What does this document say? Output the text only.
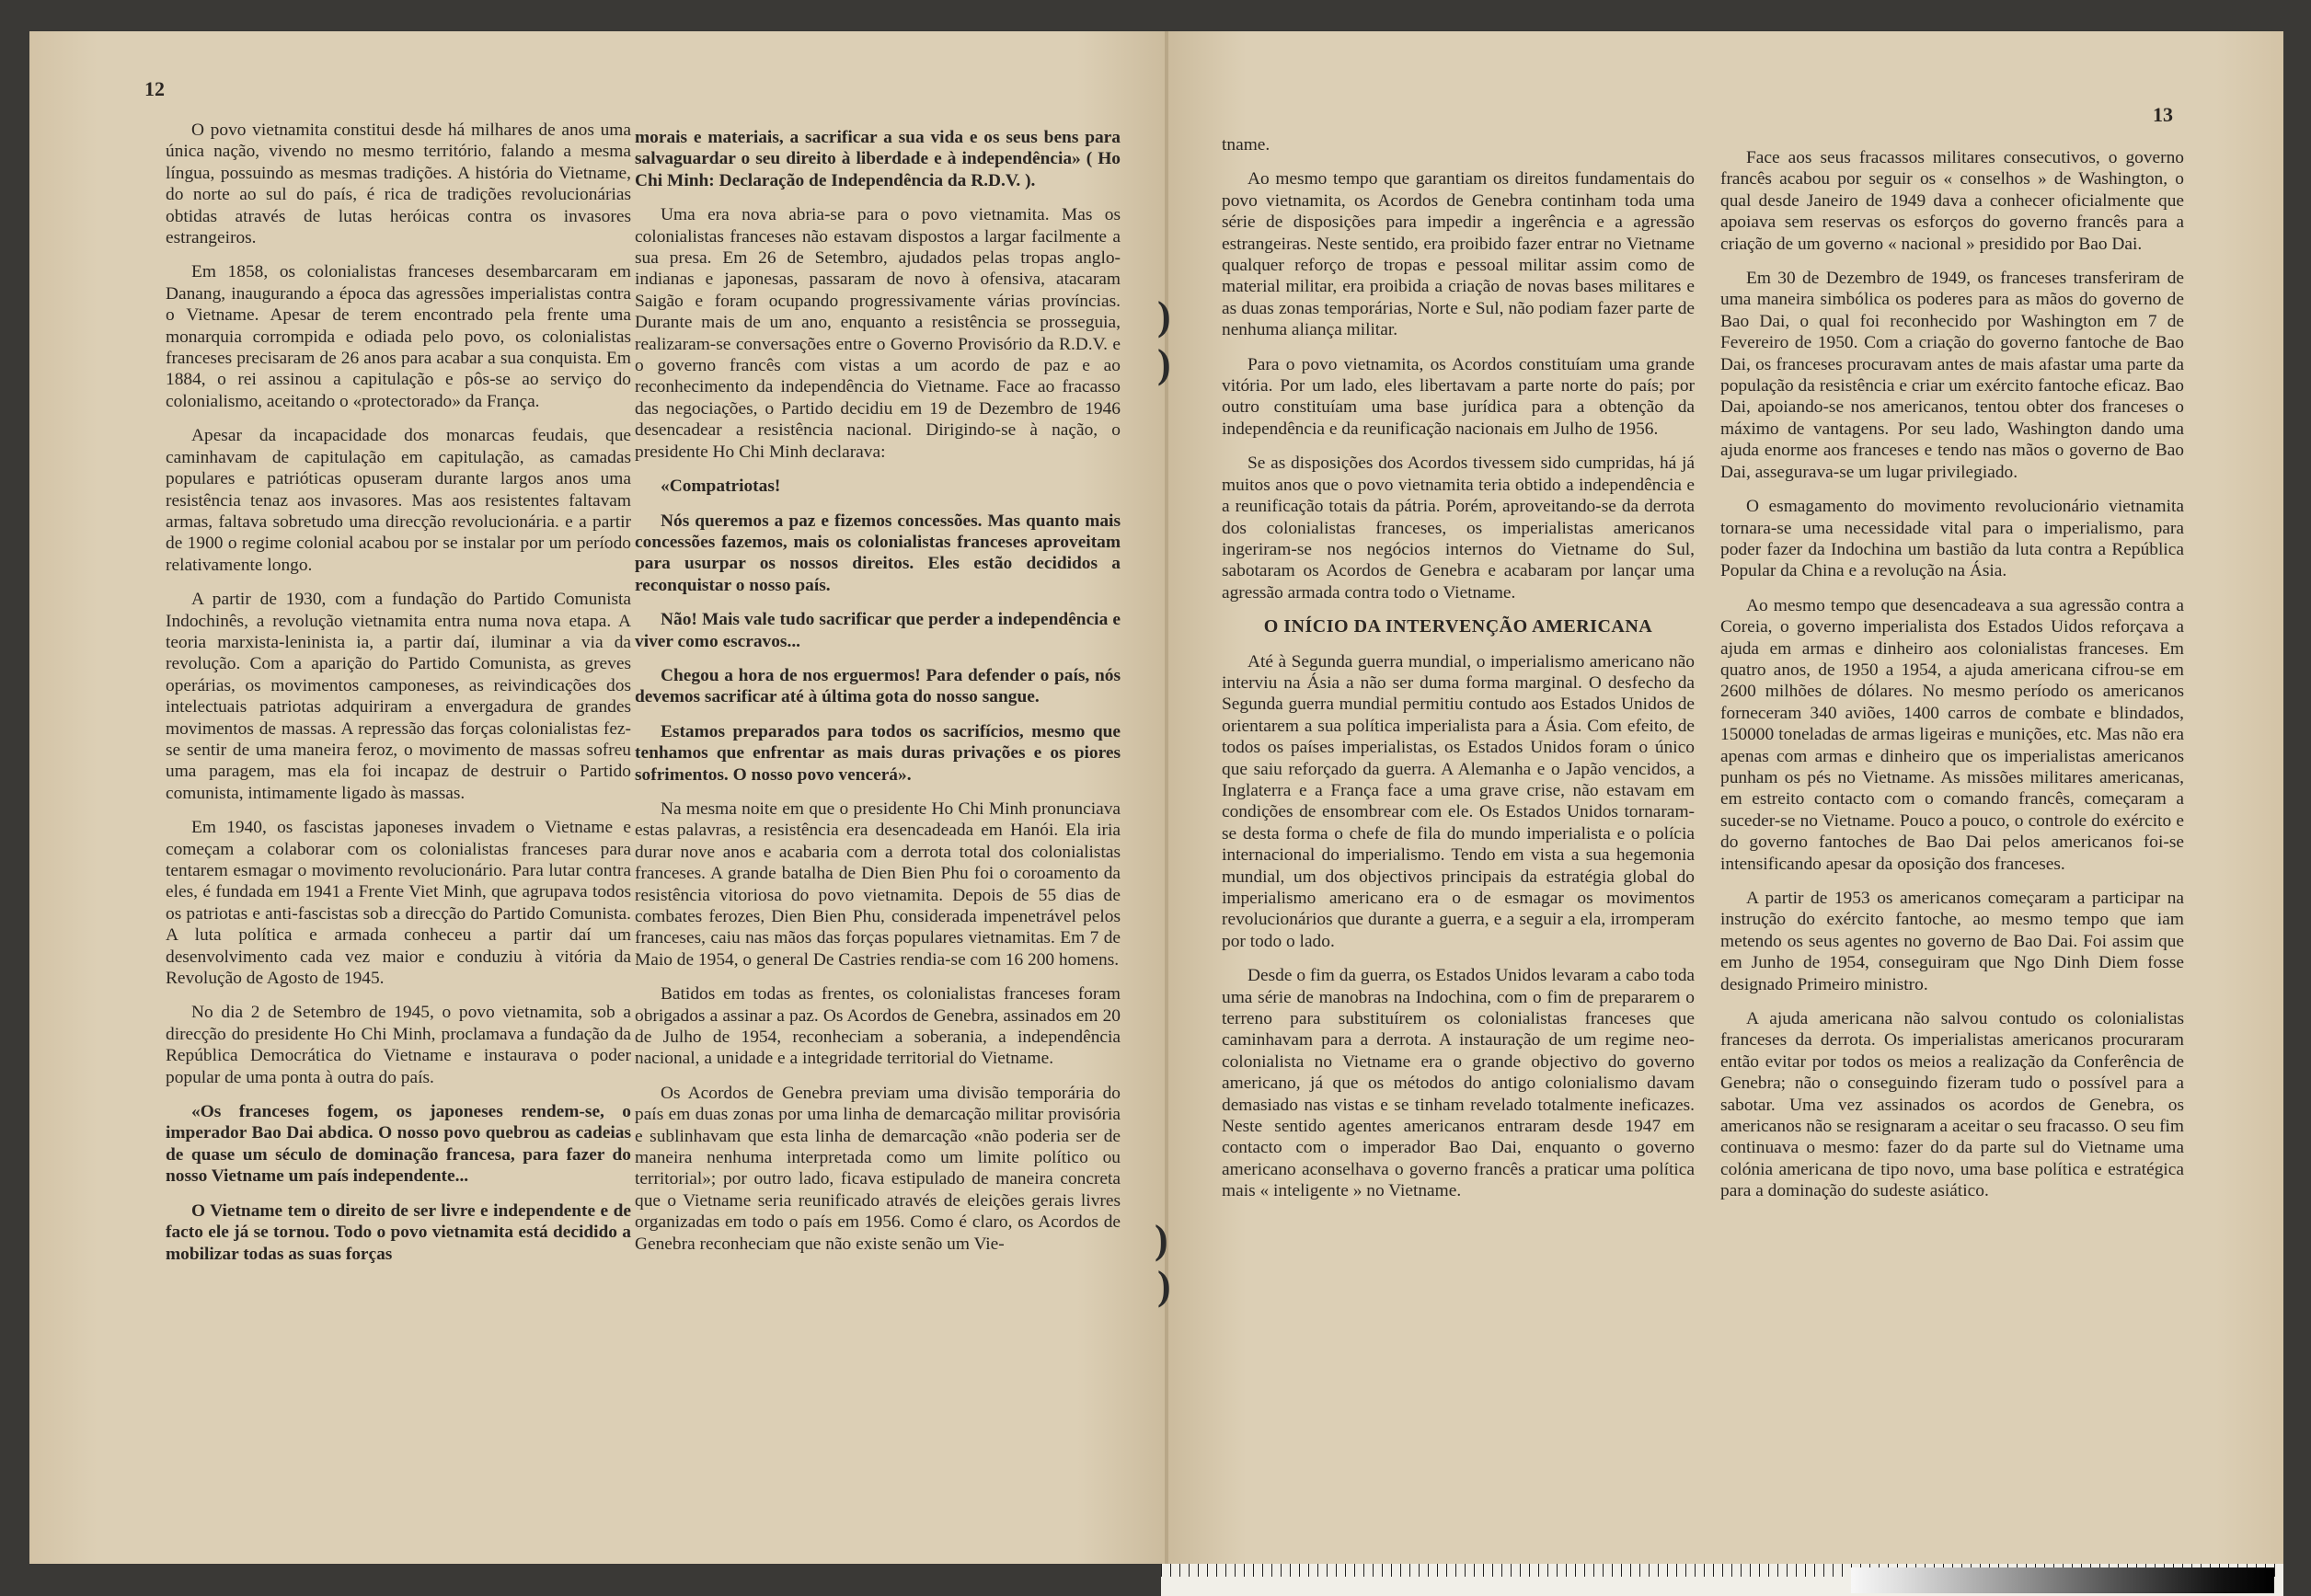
12

O povo vietnamita constitui desde há milhares de anos uma única nação, vivendo no mesmo território, falando a mesma língua, possuindo as mesmas tradições. A história do Vietname, do norte ao sul do país, é rica de tradições revolucionárias obtidas através de lutas heróicas contra os invasores estrangeiros.

Em 1858, os colonialistas franceses desembarcaram em Danang, inaugurando a época das agressões imperialistas contra o Vietname. Apesar de terem encontrado pela frente uma monarquia corrompida e odiada pelo povo, os colonialistas franceses precisaram de 26 anos para acabar a sua conquista. Em 1884, o rei assinou a capitulação e pôs-se ao serviço do colonialismo, aceitando o «protectorado» da França.

Apesar da incapacidade dos monarcas feudais, que caminhavam de capitulação em capitulação, as camadas populares e patrióticas opuseram durante largos anos uma resistência tenaz aos invasores. Mas aos resistentes faltavam armas, faltava sobretudo uma direcção revolucionária. e a partir de 1900 o regime colonial acabou por se instalar por um período relativamente longo.

A partir de 1930, com a fundação do Partido Comunista Indochinês, a revolução vietnamita entra numa nova etapa. A teoria marxista-leninista ia, a partir daí, iluminar a via da revolução. Com a aparição do Partido Comunista, as greves operárias, os movimentos camponeses, as reivindicações dos intelectuais patriotas adquiriram a envergadura de grandes movimentos de massas. A repressão das forças colonialistas fez-se sentir de uma maneira feroz, o movimento de massas sofreu uma paragem, mas ela foi incapaz de destruir o Partido comunista, intimamente ligado às massas.

Em 1940, os fascistas japoneses invadem o Vietname e começam a colaborar com os colonialistas franceses para tentarem esmagar o movimento revolucionário. Para lutar contra eles, é fundada em 1941 a Frente Viet Minh, que agrupava todos os patriotas e anti-fascistas sob a direcção do Partido Comunista. A luta política e armada conheceu a partir daí um desenvolvimento cada vez maior e conduziu à vitória da Revolução de Agosto de 1945.

No dia 2 de Setembro de 1945, o povo vietnamita, sob a direcção do presidente Ho Chi Minh, proclamava a fundação da República Democrática do Vietname e instaurava o poder popular de uma ponta à outra do país.

«Os franceses fogem, os japoneses rendem-se, o imperador Bao Dai abdica. O nosso povo quebrou as cadeias de quase um século de dominação francesa, para fazer do nosso Vietname um país independente...

O Vietname tem o direito de ser livre e independente e de facto ele já se tornou. Todo o povo vietnamita está decidido a mobilizar todas as suas forças

morais e materiais, a sacrificar a sua vida e os seus bens para salvaguardar o seu direito à liberdade e à independência» ( Ho Chi Minh: Declaração de Independência da R.D.V. ).

Uma era nova abria-se para o povo vietnamita. Mas os colonialistas franceses não estavam dispostos a largar facilmente a sua presa. Em 26 de Setembro, ajudados pelas tropas anglo-indianas e japonesas, passaram de novo à ofensiva, atacaram Saigão e foram ocupando progressivamente várias províncias. Durante mais de um ano, enquanto a resistência se prosseguia, realizaram-se conversações entre o Governo Provisório da R.D.V. e o governo francês com vistas a um acordo de paz e ao reconhecimento da independência do Vietname. Face ao fracasso das negociações, o Partido decidiu em 19 de Dezembro de 1946 desencadear a resistência nacional. Dirigindo-se à nação, o presidente Ho Chi Minh declarava:

«Compatriotas!

Nós queremos a paz e fizemos concessões. Mas quanto mais concessões fazemos, mais os colonialistas franceses aproveitam para usurpar os nossos direitos. Eles estão decididos a reconquistar o nosso país.

Não! Mais vale tudo sacrificar que perder a independência e viver como escravos...

Chegou a hora de nos erguermos! Para defender o país, nós devemos sacrificar até à última gota do nosso sangue.

Estamos preparados para todos os sacrifícios, mesmo que tenhamos que enfrentar as mais duras privações e os piores sofrimentos. O nosso povo vencerá».

Na mesma noite em que o presidente Ho Chi Minh pronunciava estas palavras, a resistência era desencadeada em Hanói. Ela iria durar nove anos e acabaria com a derrota total dos colonialistas franceses. A grande batalha de Dien Bien Phu foi o coroamento da resistência vitoriosa do povo vietnamita. Depois de 55 dias de combates ferozes, Dien Bien Phu, considerada impenetrável pelos franceses, caiu nas mãos das forças populares vietnamitas. Em 7 de Maio de 1954, o general De Castries rendia-se com 16 200 homens.

Batidos em todas as frentes, os colonialistas franceses foram obrigados a assinar a paz. Os Acordos de Genebra, assinados em 20 de Julho de 1954, reconheciam a soberania, a independência nacional, a unidade e a integridade territorial do Vietname.

Os Acordos de Genebra previam uma divisão temporária do país em duas zonas por uma linha de demarcação militar provisória e sublinhavam que esta linha de demarcação «não poderia ser de maneira nenhuma interpretada como um limite político ou territorial»; por outro lado, ficava estipulado de maneira concreta que o Vietname seria reunificado através de eleições gerais livres organizadas em todo o país em 1956. Como é claro, os Acordos de Genebra reconheciam que não existe senão um Vie-

13

tname.

Ao mesmo tempo que garantiam os direitos fundamentais do povo vietnamita, os Acordos de Genebra continham toda uma série de disposições para impedir a ingerência e a agressão estrangeiras. Neste sentido, era proibido fazer entrar no Vietname qualquer reforço de tropas e pessoal militar assim como de material militar, era proibida a criação de novas bases militares e as duas zonas temporárias, Norte e Sul, não podiam fazer parte de nenhuma aliança militar.

Para o povo vietnamita, os Acordos constituíam uma grande vitória. Por um lado, eles libertavam a parte norte do país; por outro constituíam uma base jurídica para a obtenção da independência e da reunificação nacionais em Julho de 1956.

Se as disposições dos Acordos tivessem sido cumpridas, há já muitos anos que o povo vietnamita teria obtido a independência e a reunificação totais da pátria. Porém, aproveitando-se da derrota dos colonialistas franceses, os imperialistas americanos ingeriram-se nos negócios internos do Vietname do Sul, sabotaram os Acordos de Genebra e acabaram por lançar uma agressão armada contra todo o Vietname.

O INÍCIO DA INTERVENÇÃO AMERICANA

Até à Segunda guerra mundial, o imperialismo americano não interviu na Ásia a não ser duma forma marginal. O desfecho da Segunda guerra mundial permitiu contudo aos Estados Unidos de orientarem a sua política imperialista para a Ásia. Com efeito, de todos os países imperialistas, os Estados Unidos foram o único que saiu reforçado da guerra. A Alemanha e o Japão vencidos, a Inglaterra e a França face a uma grave crise, não estavam em condições de ensombrear com ele. Os Estados Unidos tornaram-se desta forma o chefe de fila do mundo imperialista e o polícia internacional do imperialismo. Tendo em vista a sua hegemonia mundial, um dos objectivos principais da estratégia global do imperialismo americano era o de esmagar os movimentos revolucionários que durante a guerra, e a seguir a ela, irromperam por todo o lado.

Desde o fim da guerra, os Estados Unidos levaram a cabo toda uma série de manobras na Indochina, com o fim de prepararem o terreno para substituírem os colonialistas franceses que caminhavam para a derrota. A instauração de um regime neo-colonialista no Vietname era o grande objectivo do governo americano, já que os métodos do antigo colonialismo davam demasiado nas vistas e se tinham revelado totalmente ineficazes. Neste sentido agentes americanos entraram desde 1947 em contacto com o imperador Bao Dai, enquanto o governo americano aconselhava o governo francês a praticar uma política mais « inteligente » no Vietname.

Face aos seus fracassos militares consecutivos, o governo francês acabou por seguir os « conselhos » de Washington, o qual desde Janeiro de 1949 dava a conhecer oficialmente que apoiava sem reservas os esforços do governo francês para a criação de um governo « nacional » presidido por Bao Dai.

Em 30 de Dezembro de 1949, os franceses transferiram de uma maneira simbólica os poderes para as mãos do governo de Bao Dai, o qual foi reconhecido por Washington em 7 de Fevereiro de 1950. Com a criação do governo fantoche de Bao Dai, os franceses procuravam antes de mais afastar uma parte da população da resistência e criar um exército fantoche eficaz. Bao Dai, apoiando-se nos americanos, tentou obter dos franceses o máximo de vantagens. Por seu lado, Washington dando uma ajuda enorme aos franceses e tendo nas mãos o governo de Bao Dai, assegurava-se um lugar privilegiado.

O esmagamento do movimento revolucionário vietnamita tornara-se uma necessidade vital para o imperialismo, para poder fazer da Indochina um bastião da luta contra a República Popular da China e a revolução na Ásia.

Ao mesmo tempo que desencadeava a sua agressão contra a Coreia, o governo imperialista dos Estados Uidos reforçava a ajuda em armas e dinheiro aos colonialistas franceses. Em quatro anos, de 1950 a 1954, a ajuda americana cifrou-se em 2600 milhões de dólares. No mesmo período os americanos forneceram 340 aviões, 1400 carros de combate e blindados, 150000 toneladas de armas ligeiras e munições, etc. Mas não era apenas com armas e dinheiro que os imperialistas americanos punham os pés no Vietname. As missões militares americanas, em estreito contacto com o comando francês, começaram a suceder-se no Vietname. Pouco a pouco, o controle do exército e do governo fantoches de Bao Dai pelos americanos foi-se intensificando apesar da oposição dos franceses.

A partir de 1953 os americanos começaram a participar na instrução do exército fantoche, ao mesmo tempo que iam metendo os seus agentes no governo de Bao Dai. Foi assim que em Junho de 1954, conseguiram que Ngo Dinh Diem fosse designado Primeiro ministro.

A ajuda americana não salvou contudo os colonialistas franceses da derrota. Os imperialistas americanos procuraram então evitar por todos os meios a realização da Conferência de Genebra; não o conseguindo fizeram tudo o possível para a sabotar. Uma vez assinados os acordos de Genebra, os americanos não se resignaram a aceitar o seu fracasso. O seu fim continuava o mesmo: fazer do da parte sul do Vietname uma colónia americana de tipo novo, uma base política e estratégica para a dominação do sudeste asiático.

)
)
)
)
